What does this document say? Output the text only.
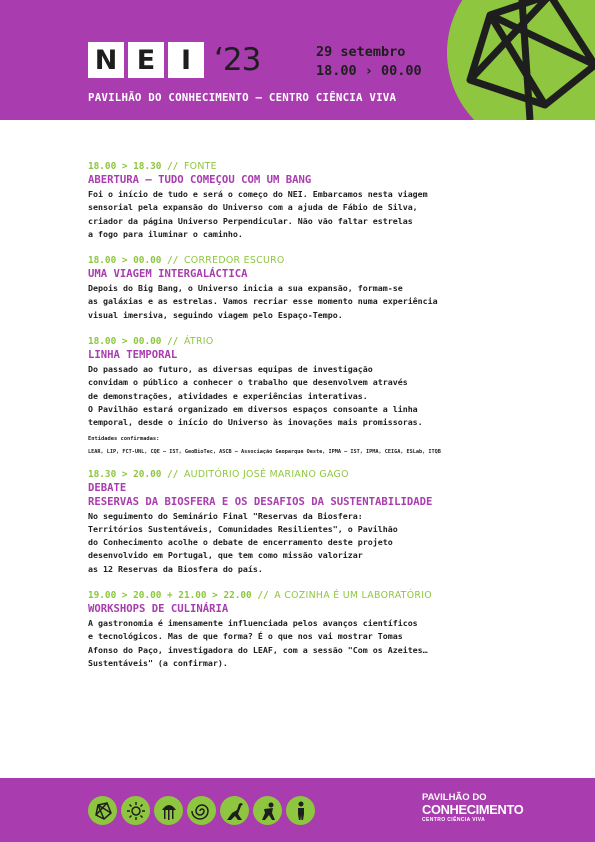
N E I ‘23	29 setembro
18.00 › 00.00
PAVILHÃO DO CONHECIMENTO – CENTRO CIÊNCIA VIVA
18.00 > 18.30 // FONTE
ABERTURA – TUDO COMEÇOU COM UM BANG
Foi o início de tudo e será o começo do NEI. Embarcamos nesta viagem
sensorial pela expansão do Universo com a ajuda de Fábio de Silva,
criador da página Universo Perpendicular. Não vão faltar estrelas
a fogo para iluminar o caminho.
18.00 > 00.00 // CORREDOR ESCURO
UMA VIAGEM INTERGALÁCTICA
Depois do Big Bang, o Universo inicia a sua expansão, formam-se
as galáxias e as estrelas. Vamos recriar esse momento numa experiência
visual imersiva, seguindo viagem pelo Espaço-Tempo.
18.00 > 00.00 // ÁTRIO
LINHA TEMPORAL
Do passado ao futuro, as diversas equipas de investigação
convidam o público a conhecer o trabalho que desenvolvem através
de demonstrações, atividades e experiências interativas.
O Pavilhão estará organizado em diversos espaços consoante a linha
temporal, desde o início do Universo às inovações mais promissoras.
Entidades confirmadas:
LEAR, LIP, FCT-UNL, CQE – IST, GeoBioTec, ASCB – Associação Geoparque Oeste, IPMA – IST, IPMA, CEIGA, ESLab, ITQB
18.30 > 20.00 // AUDITÓRIO JOSÉ MARIANO GAGO
DEBATE
RESERVAS DA BIOSFERA E OS DESAFIOS DA SUSTENTABILIDADE
No seguimento do Seminário Final "Reservas da Biosfera:
Territórios Sustentáveis, Comunidades Resilientes", o Pavilhão
do Conhecimento acolhe o debate de encerramento deste projeto
desenvolvido em Portugal, que tem como missão valorizar
as 12 Reservas da Biosfera do país.
19.00 > 20.00 + 21.00 > 22.00 // A COZINHA É UM LABORATÓRIO
WORKSHOPS DE CULINÁRIA
A gastronomia é imensamente influenciada pelos avanços científicos
e tecnológicos. Mas de que forma? É o que nos vai mostrar Tomas
Afonso do Paço, investigadora do LEAF, com a sessão "Com os Azeites…
Sustentáveis" (a confirmar).
PAVILHÃO DO
CONHECIMENTO
CENTRO CIÊNCIA VIVA
